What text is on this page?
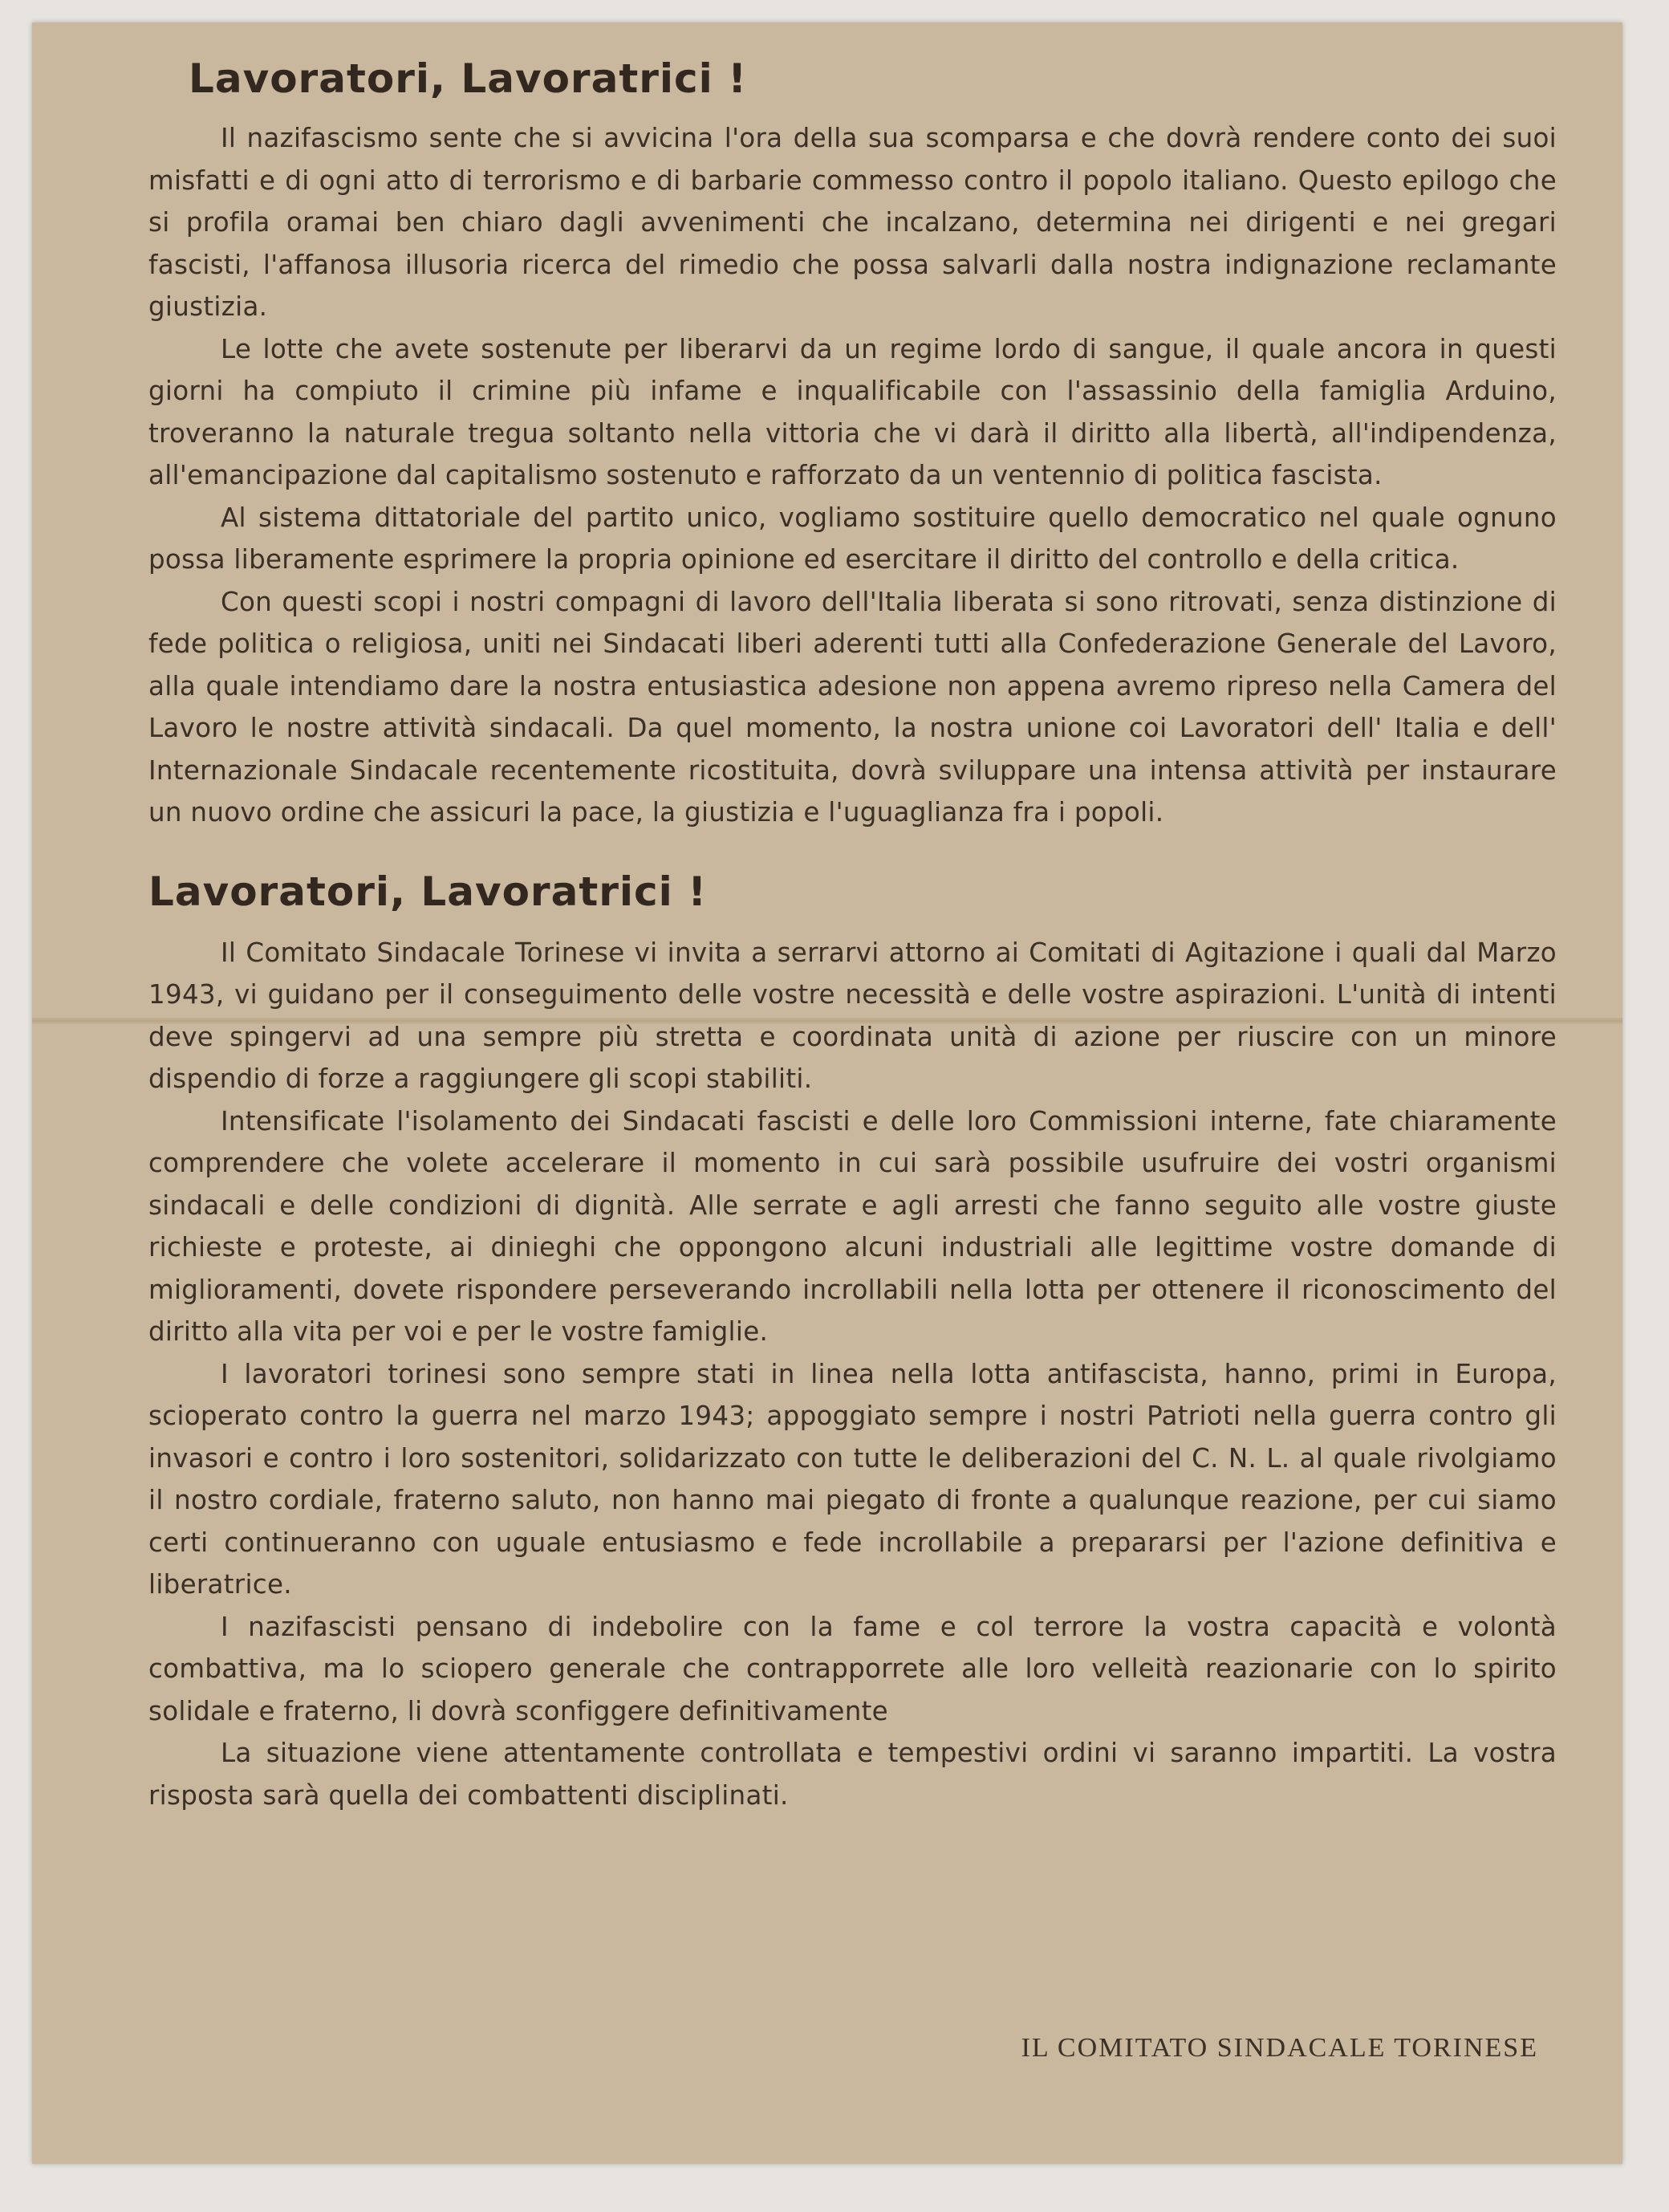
Lavoratori, Lavoratrici !

Il nazifascismo sente che si avvicina l'ora della sua scomparsa e che dovrà rendere conto dei suoi misfatti e di ogni atto di terrorismo e di barbarie commesso contro il popolo italiano. Questo epilogo che si profila oramai ben chiaro dagli avvenimenti che incalzano, determina nei dirigenti e nei gregari fascisti, l'affanosa illusoria ricerca del rimedio che possa salvarli dalla nostra indignazione reclamante giustizia.

Le lotte che avete sostenute per liberarvi da un regime lordo di sangue, il quale ancora in questi giorni ha compiuto il crimine più infame e inqualificabile con l'assassinio della famiglia Arduino, troveranno la naturale tregua soltanto nella vittoria che vi darà il diritto alla libertà, all'indipendenza, all'emancipazione dal capitalismo sostenuto e rafforzato da un ventennio di politica fascista.

Al sistema dittatoriale del partito unico, vogliamo sostituire quello democratico nel quale ognuno possa liberamente esprimere la propria opinione ed esercitare il diritto del controllo e della critica.

Con questi scopi i nostri compagni di lavoro dell'Italia liberata si sono ritrovati, senza distinzione di fede politica o religiosa, uniti nei Sindacati liberi aderenti tutti alla Confederazione Generale del Lavoro, alla quale intendiamo dare la nostra entusiastica adesione non appena avremo ripreso nella Camera del Lavoro le nostre attività sindacali. Da quel momento, la nostra unione coi Lavoratori dell' Italia e dell' Internazionale Sindacale recentemente ricostituita, dovrà sviluppare una intensa attività per instaurare un nuovo ordine che assicuri la pace, la giustizia e l'uguaglianza fra i popoli.

Lavoratori, Lavoratrici !

Il Comitato Sindacale Torinese vi invita a serrarvi attorno ai Comitati di Agitazione i quali dal Marzo 1943, vi guidano per il conseguimento delle vostre necessità e delle vostre aspirazioni. L'unità di intenti deve spingervi ad una sempre più stretta e coordinata unità di azione per riuscire con un minore dispendio di forze a raggiungere gli scopi stabiliti.

Intensificate l'isolamento dei Sindacati fascisti e delle loro Commissioni interne, fate chiaramente comprendere che volete accelerare il momento in cui sarà possibile usufruire dei vostri organismi sindacali e delle condizioni di dignità. Alle serrate e agli arresti che fanno seguito alle vostre giuste richieste e proteste, ai dinieghi che oppongono alcuni industriali alle legittime vostre domande di miglioramenti, dovete rispondere perseverando incrollabili nella lotta per ottenere il riconoscimento del diritto alla vita per voi e per le vostre famiglie.

I lavoratori torinesi sono sempre stati in linea nella lotta antifascista, hanno, primi in Europa, scioperato contro la guerra nel marzo 1943; appoggiato sempre i nostri Patrioti nella guerra contro gli invasori e contro i loro sostenitori, solidarizzato con tutte le deliberazioni del C. N. L. al quale rivolgiamo il nostro cordiale, fraterno saluto, non hanno mai piegato di fronte a qualunque reazione, per cui siamo certi continueranno con uguale entusiasmo e fede incrollabile a prepararsi per l'azione definitiva e liberatrice.

I nazifascisti pensano di indebolire con la fame e col terrore la vostra capacità e volontà combattiva, ma lo sciopero generale che contrapporrete alle loro velleità reazionarie con lo spirito solidale e fraterno, li dovrà sconfiggere definitivamente

La situazione viene attentamente controllata e tempestivi ordini vi saranno impartiti. La vostra risposta sarà quella dei combattenti disciplinati.

IL COMITATO SINDACALE TORINESE
